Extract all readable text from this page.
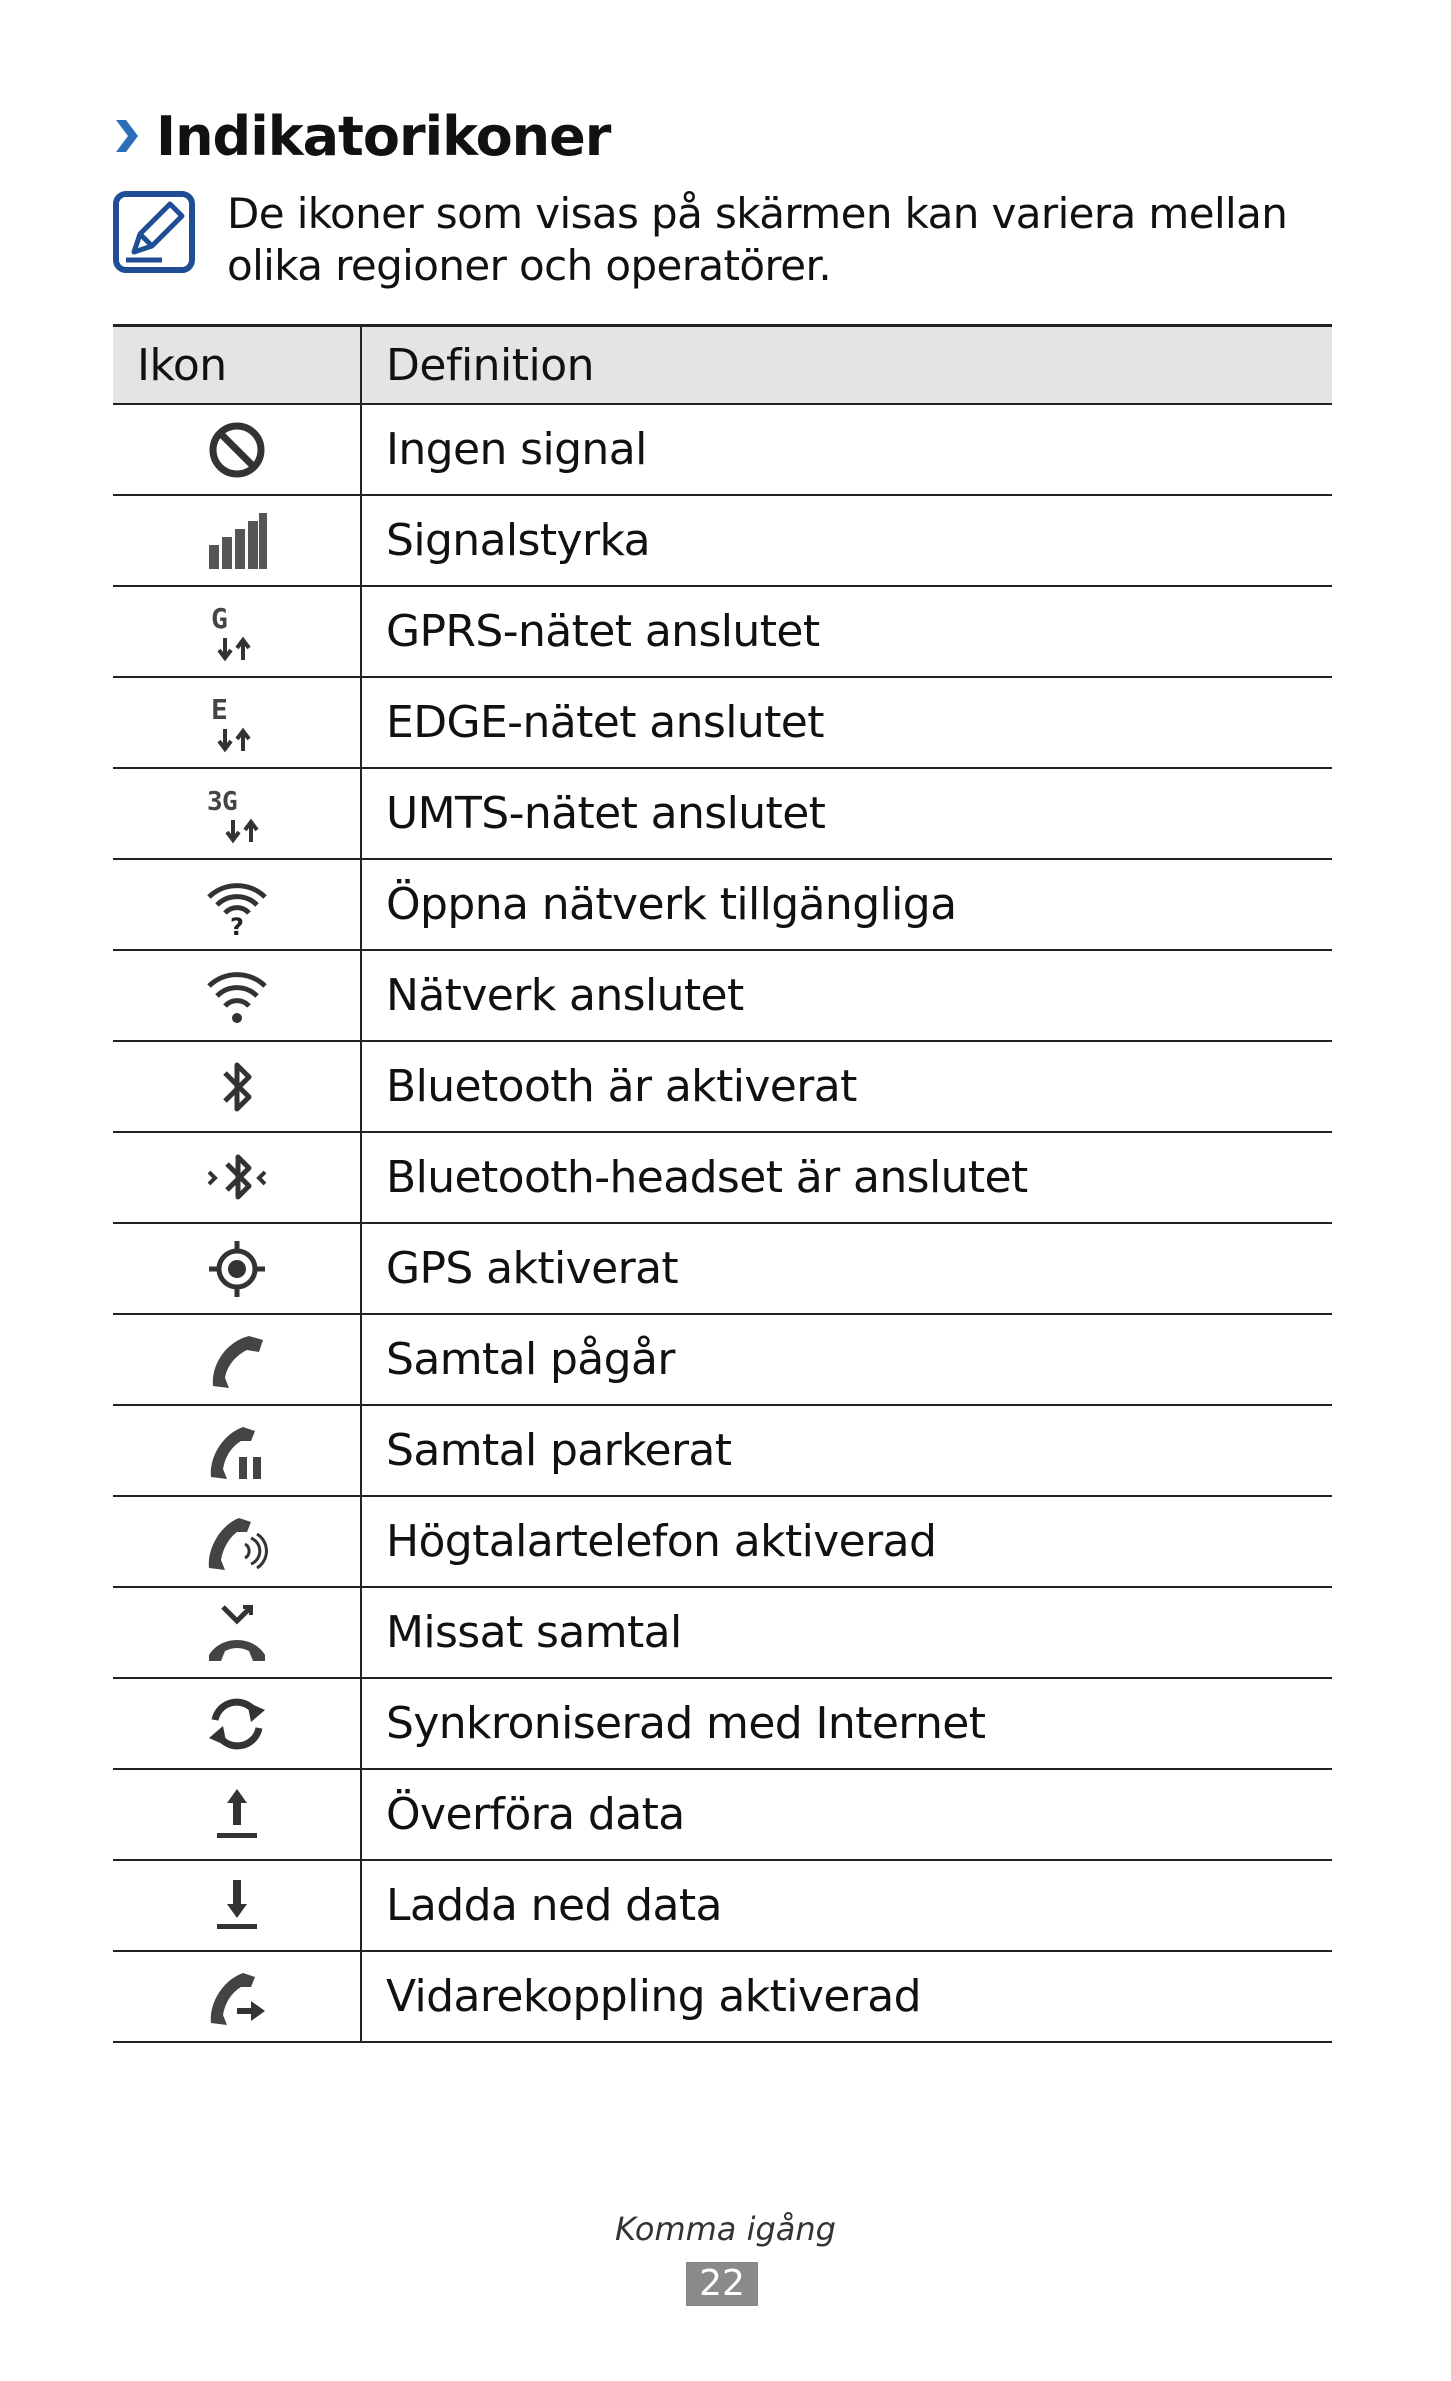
Indikatorikoner
De ikoner som visas på skärmen kan variera mellan olika regioner och operatörer.
Ikon	Definition
	Ingen signal
	Signalstyrka

G	GPRS-nätet anslutet

E	EDGE-nätet anslutet

3G	UMTS-nätet anslutet

?	Öppna nätverk tillgängliga
	Nätverk anslutet
	Bluetooth är aktiverat
	Bluetooth-headset är anslutet
	GPS aktiverat
	Samtal pågår
	Samtal parkerat
	Högtalartelefon aktiverad
	Missat samtal
	Synkroniserad med Internet
	Överföra data
	Ladda ned data
	Vidarekoppling aktiverad
Komma igång
22
